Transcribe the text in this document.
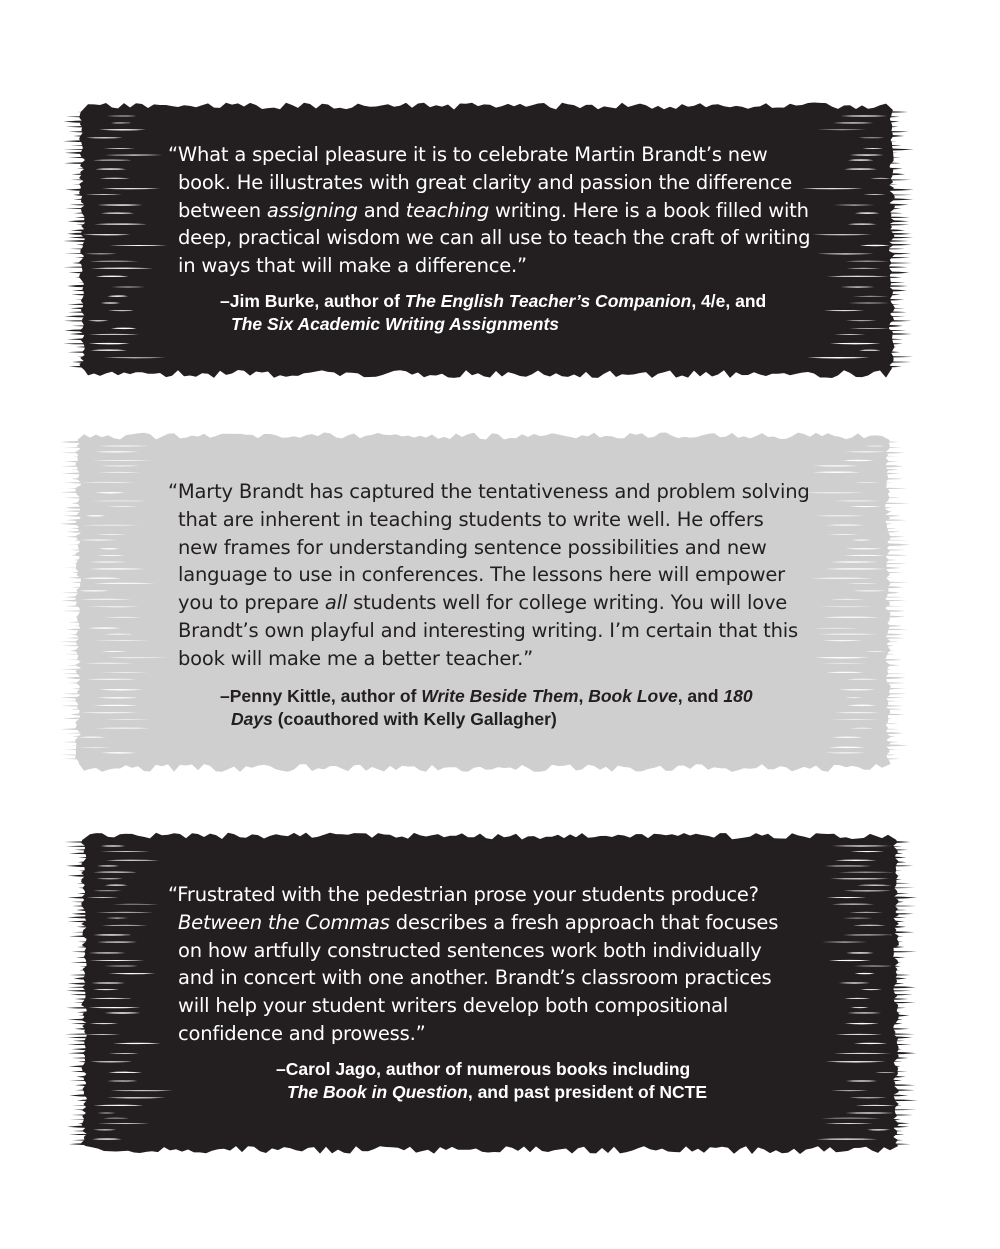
“What a special pleasure it is to celebrate Martin Brandt’s new
book. He illustrates with great clarity and passion the difference
between assigning and teaching writing. Here is a book filled with
deep, practical wisdom we can all use to teach the craft of writing
in ways that will make a difference.”

–Jim Burke, author of The English Teacher’s Companion, 4/e, and
The Six Academic Writing Assignments

“Marty Brandt has captured the tentativeness and problem solving
that are inherent in teaching students to write well. He offers
new frames for understanding sentence possibilities and new
language to use in conferences. The lessons here will empower
you to prepare all students well for college writing. You will love
Brandt’s own playful and interesting writing. I’m certain that this
book will make me a better teacher.”

–Penny Kittle, author of Write Beside Them, Book Love, and 180
Days (coauthored with Kelly Gallagher)

“Frustrated with the pedestrian prose your students produce?
Between the Commas describes a fresh approach that focuses
on how artfully constructed sentences work both individually
and in concert with one another. Brandt’s classroom practices
will help your student writers develop both compositional
confidence and prowess.”

–Carol Jago, author of numerous books including
The Book in Question, and past president of NCTE
